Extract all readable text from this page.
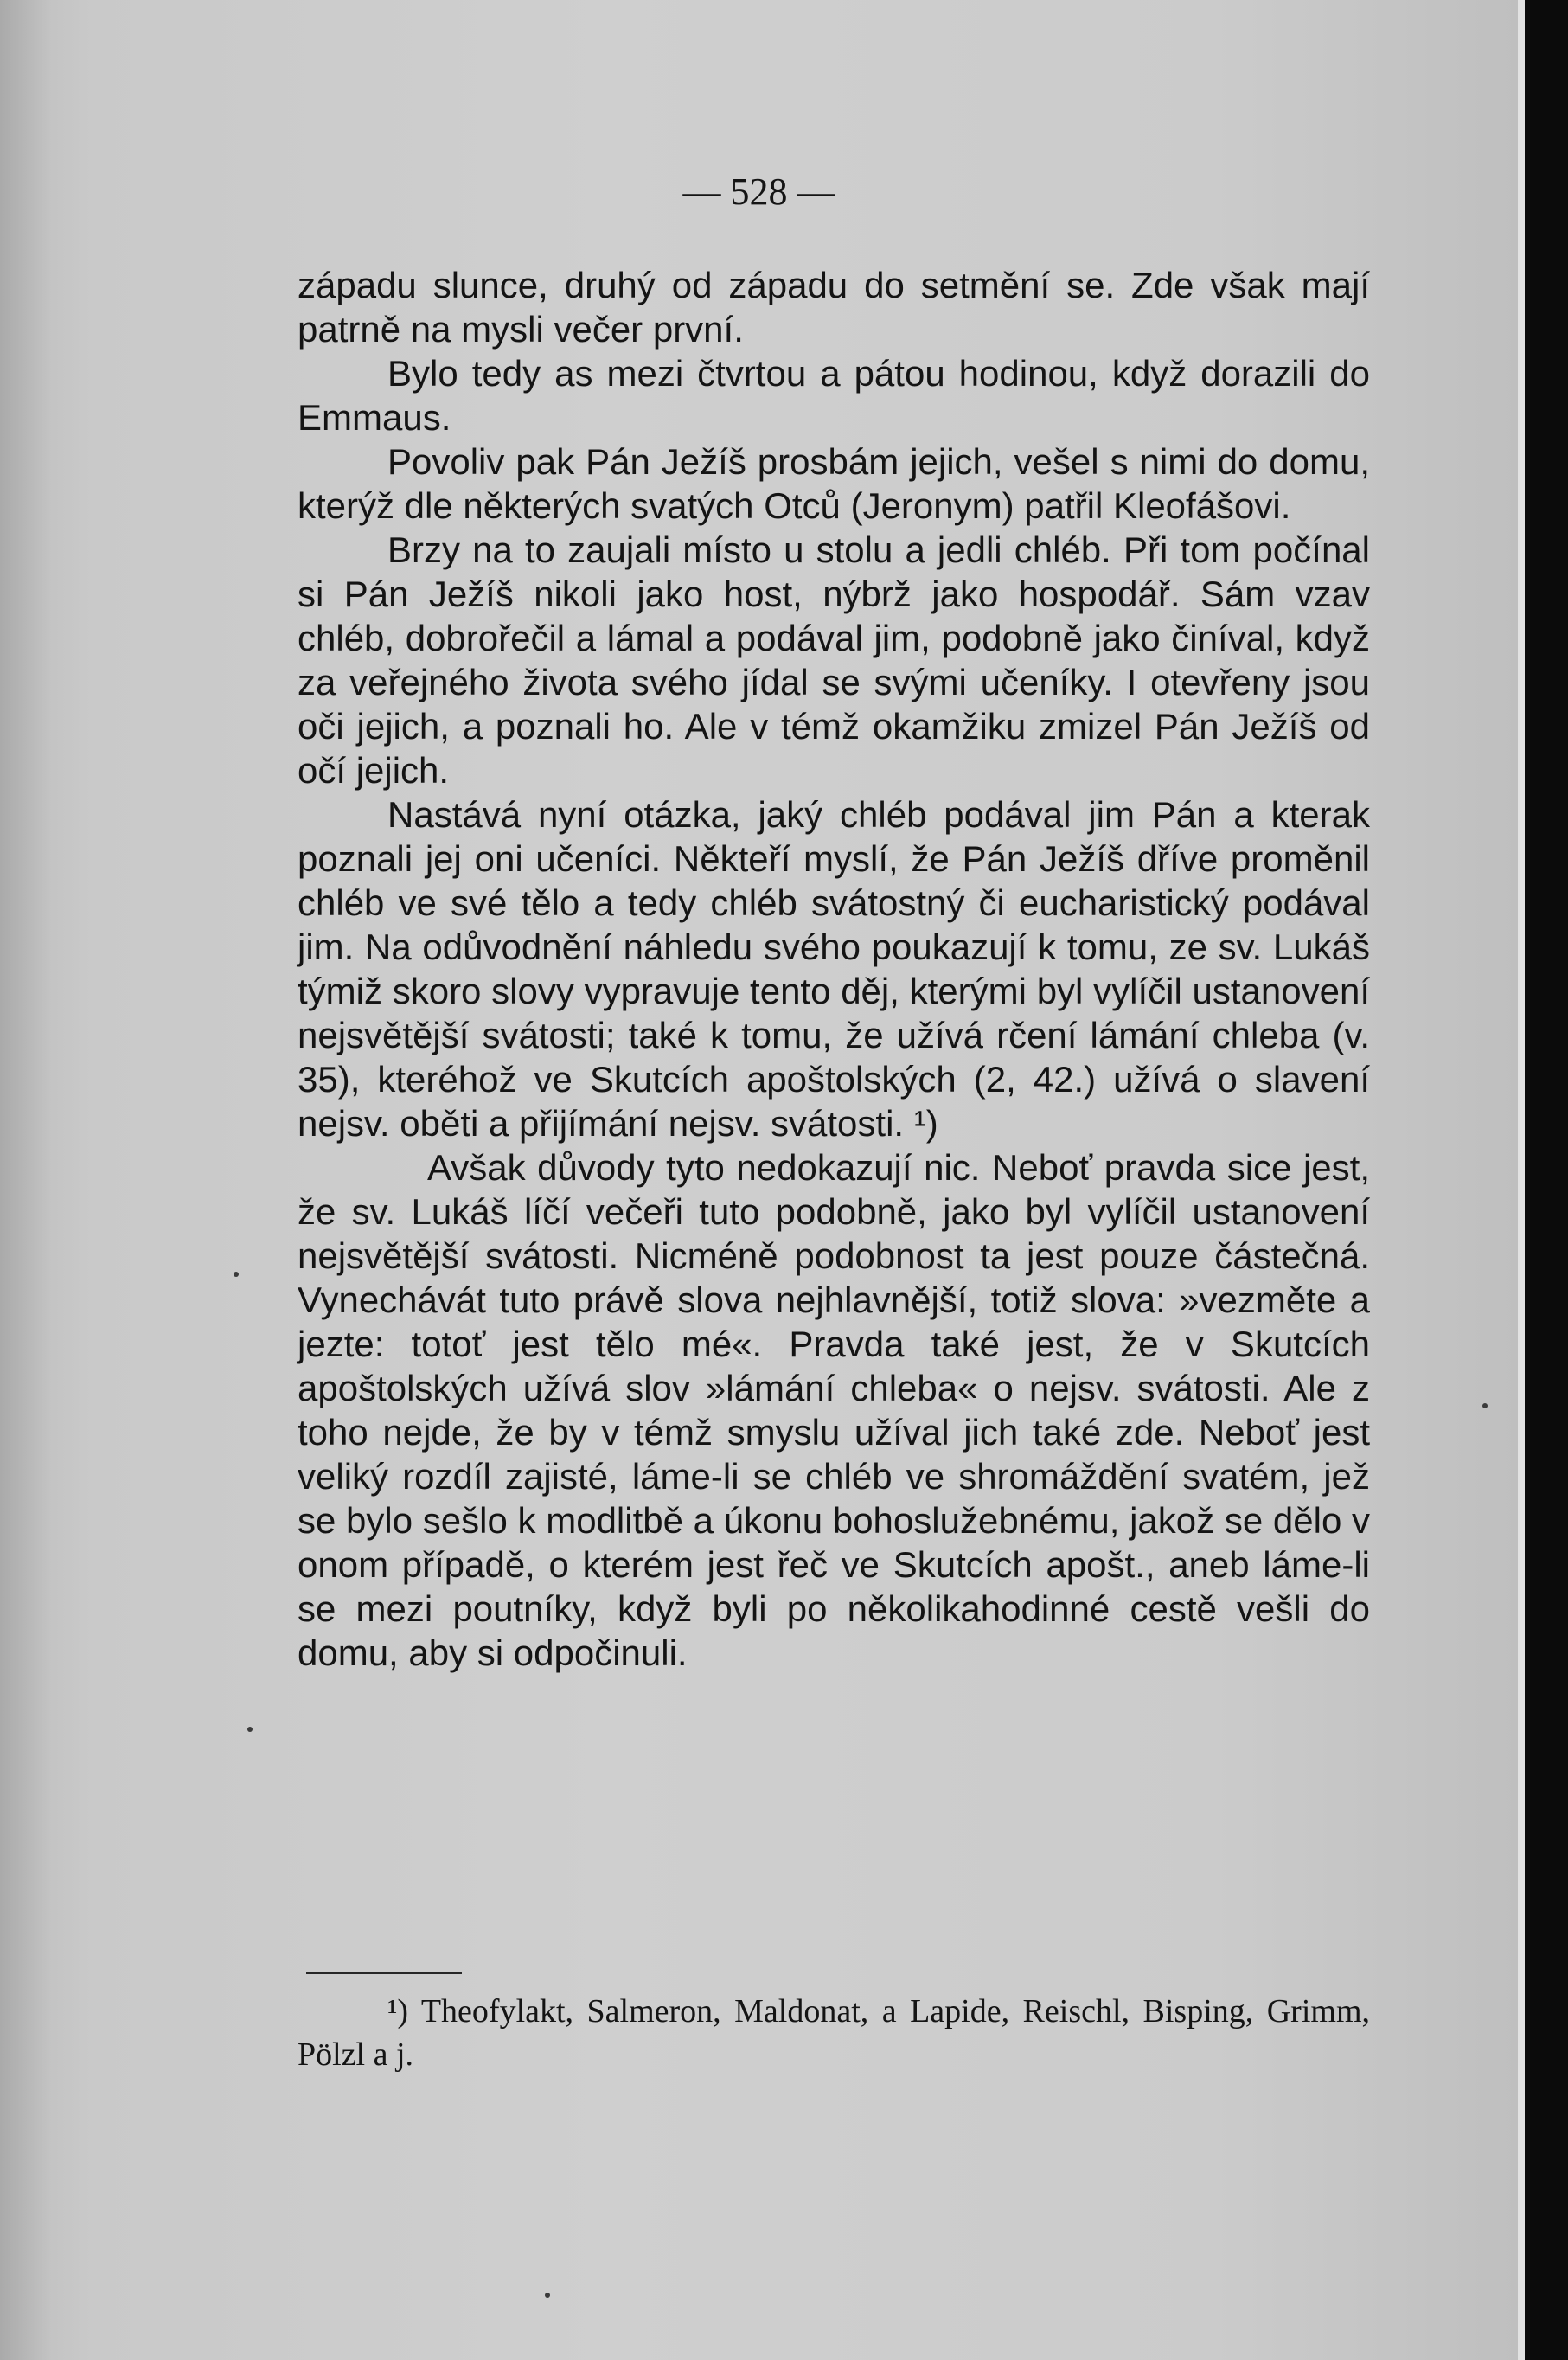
— 528 —

západu slunce, druhý od západu do setmění se. Zde však mají patrně na mysli večer první.

Bylo tedy as mezi čtvrtou a pátou hodinou, když dorazili do Emmaus.

Povoliv pak Pán Ježíš prosbám jejich, vešel s nimi do domu, kterýž dle některých svatých Otců (Jeronym) patřil Kleofášovi.

Brzy na to zaujali místo u stolu a jedli chléb. Při tom počínal si Pán Ježíš nikoli jako host, nýbrž jako hospodář. Sám vzav chléb, dobrořečil a lámal a podával jim, podobně jako činíval, když za veřejného života svého jídal se svými učeníky. I otevřeny jsou oči jejich, a poznali ho. Ale v témž okamžiku zmizel Pán Ježíš od očí jejich.

Nastává nyní otázka, jaký chléb podával jim Pán a kterak poznali jej oni učeníci. Někteří myslí, že Pán Ježíš dříve proměnil chléb ve své tělo a tedy chléb svátostný či eucharistický podával jim. Na odůvodnění náhledu svého poukazují k tomu, ze sv. Lukáš týmiž skoro slovy vypravuje tento děj, kterými byl vylíčil ustanovení nejsvětější svátosti; také k tomu, že užívá rčení lámání chleba (v. 35), kteréhož ve Skutcích apoštolských (2, 42.) užívá o slavení nejsv. oběti a přijímání nejsv. svátosti. ¹)

Avšak důvody tyto nedokazují nic. Neboť pravda sice jest, že sv. Lukáš líčí večeři tuto podobně, jako byl vylíčil ustanovení nejsvětější svátosti. Nicméně podobnost ta jest pouze částečná. Vynechávát tuto právě slova nejhlavnější, totiž slova: »vezměte a jezte: totoť jest tělo mé«. Pravda také jest, že v Skutcích apoštolských užívá slov »lámání chleba« o nejsv. svátosti. Ale z toho nejde, že by v témž smyslu užíval jich také zde. Neboť jest veliký rozdíl zajisté, láme-li se chléb ve shromáždění svatém, jež se bylo sešlo k modlitbě a úkonu bohoslužebnému, jakož se dělo v onom případě, o kterém jest řeč ve Skutcích apošt., aneb láme-li se mezi poutníky, když byli po několikahodinné cestě vešli do domu, aby si odpočinuli.

¹) Theofylakt, Salmeron, Maldonat, a Lapide, Reischl, Bisping, Grimm, Pölzl a j.
